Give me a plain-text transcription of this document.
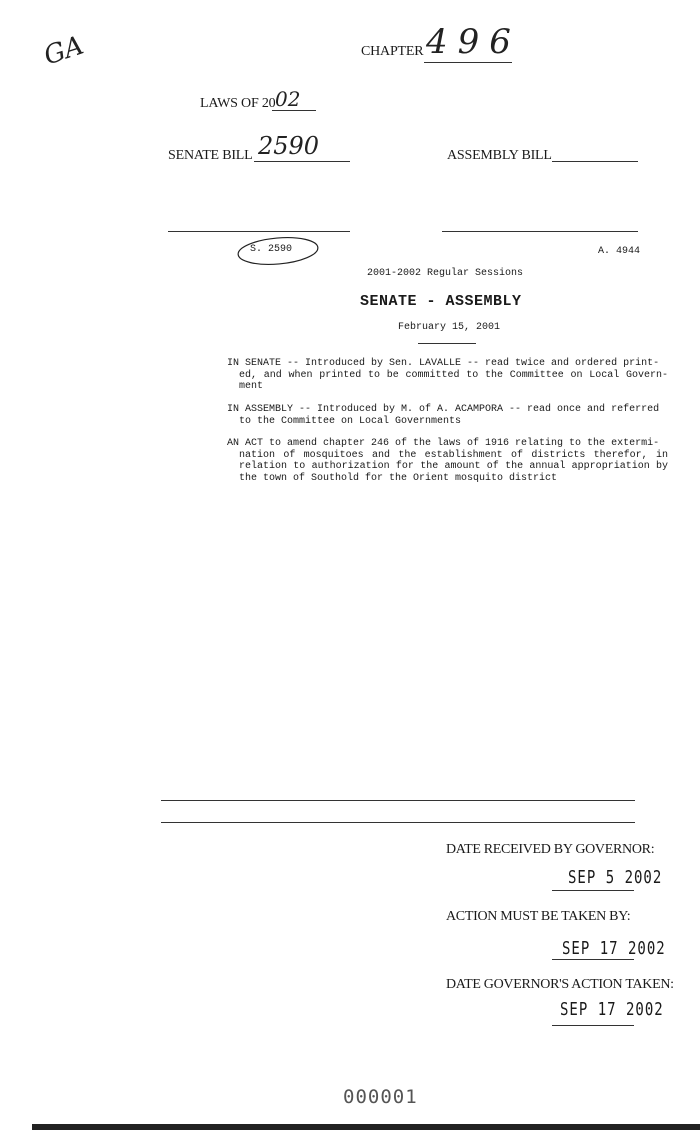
GA	CHAPTER 496
LAWS OF 20 02
SENATE BILL 2590	ASSEMBLY BILL
S. 2590	A. 4944
2001-2002 Regular Sessions
SENATE - ASSEMBLY
February 15, 2001
IN SENATE -- Introduced by Sen. LAVALLE -- read twice and ordered print-
ed, and when printed to be committed to the Committee on Local Govern- ment
IN ASSEMBLY -- Introduced by M. of A. ACAMPORA -- read once and referred
to the Committee on Local Governments
AN ACT to amend chapter 246 of the laws of 1916 relating to the extermi-
nation of mosquitoes and the establishment of districts therefor, in relation to authorization for the amount of the annual appropriation by the town of Southold for the Orient mosquito district
DATE RECEIVED BY GOVERNOR:
SEP 5 2002
ACTION MUST BE TAKEN BY:
SEP 17 2002
DATE GOVERNOR'S ACTION TAKEN:
SEP 17 2002
000001
